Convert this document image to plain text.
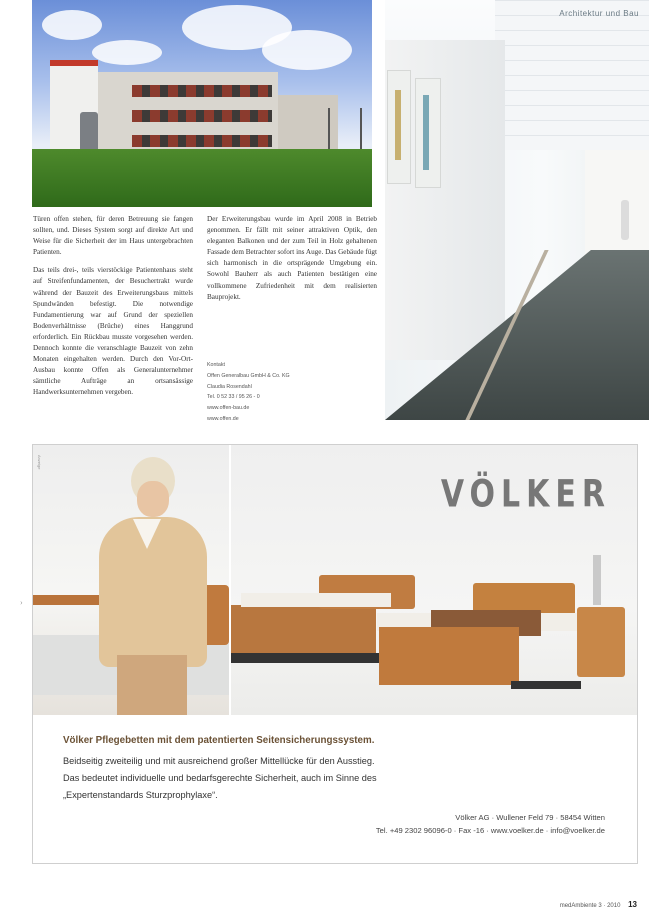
Architektur und Bau

Türen offen stehen, für deren Betreuung sie fangen sollten, und. Dieses System sorgt auf direkte Art und Weise für die Sicherheit der im Haus untergebrachten Patienten.

Das teils drei-, teils vierstöckige Patientenhaus steht auf Streifenfundamenten, der Besuchertrakt wurde während der Bauzeit des Erweiterungsbaus mittels Spundwänden befestigt. Die notwendige Fundamentierung war auf Grund der speziellen Bodenverhältnisse (Brüche) eines Hanggrund erforderlich. Ein Rückbau musste vorgesehen werden. Dennoch konnte die veranschlagte Bauzeit von zehn Monaten eingehalten werden. Durch den Vor-Ort-Ausbau konnte Offen als Generalunternehmer sämtliche Aufträge an ortsansässige Handwerksunternehmen vergeben.

Der Erweiterungsbau wurde im April 2008 in Betrieb genommen. Er fällt mit seiner attraktiven Optik, den eleganten Balkonen und der zum Teil in Holz gehaltenen Fassade dem Betrachter sofort ins Auge. Das Gebäude fügt sich harmonisch in die ortsprägende Umgebung ein. Sowohl Bauherr als auch Patienten bestätigen eine vollkommene Zufriedenheit mit dem realisierten Bauprojekt.

Kontakt
Offen Generalbau GmbH & Co. KG
Claudia Rosendahl
Tel. 0 52 33 / 95 26 - 0
www.offen-bau.de
www.offen.de
›
Anzeige
VÖLKER
Völker Pflegebetten mit dem patentierten Seitensicherungssystem.
Beidseitig zweiteilig und mit ausreichend großer Mittellücke für den Ausstieg.
Das bedeutet individuelle und bedarfsgerechte Sicherheit, auch im Sinne des
„Expertenstandards Sturzprophylaxe“.
Völker AG · Wullener Feld 79 · 58454 Witten
Tel. +49 2302 96096-0 · Fax -16 · www.voelker.de · info@voelker.de
medAmbiente 3 · 2010 13
